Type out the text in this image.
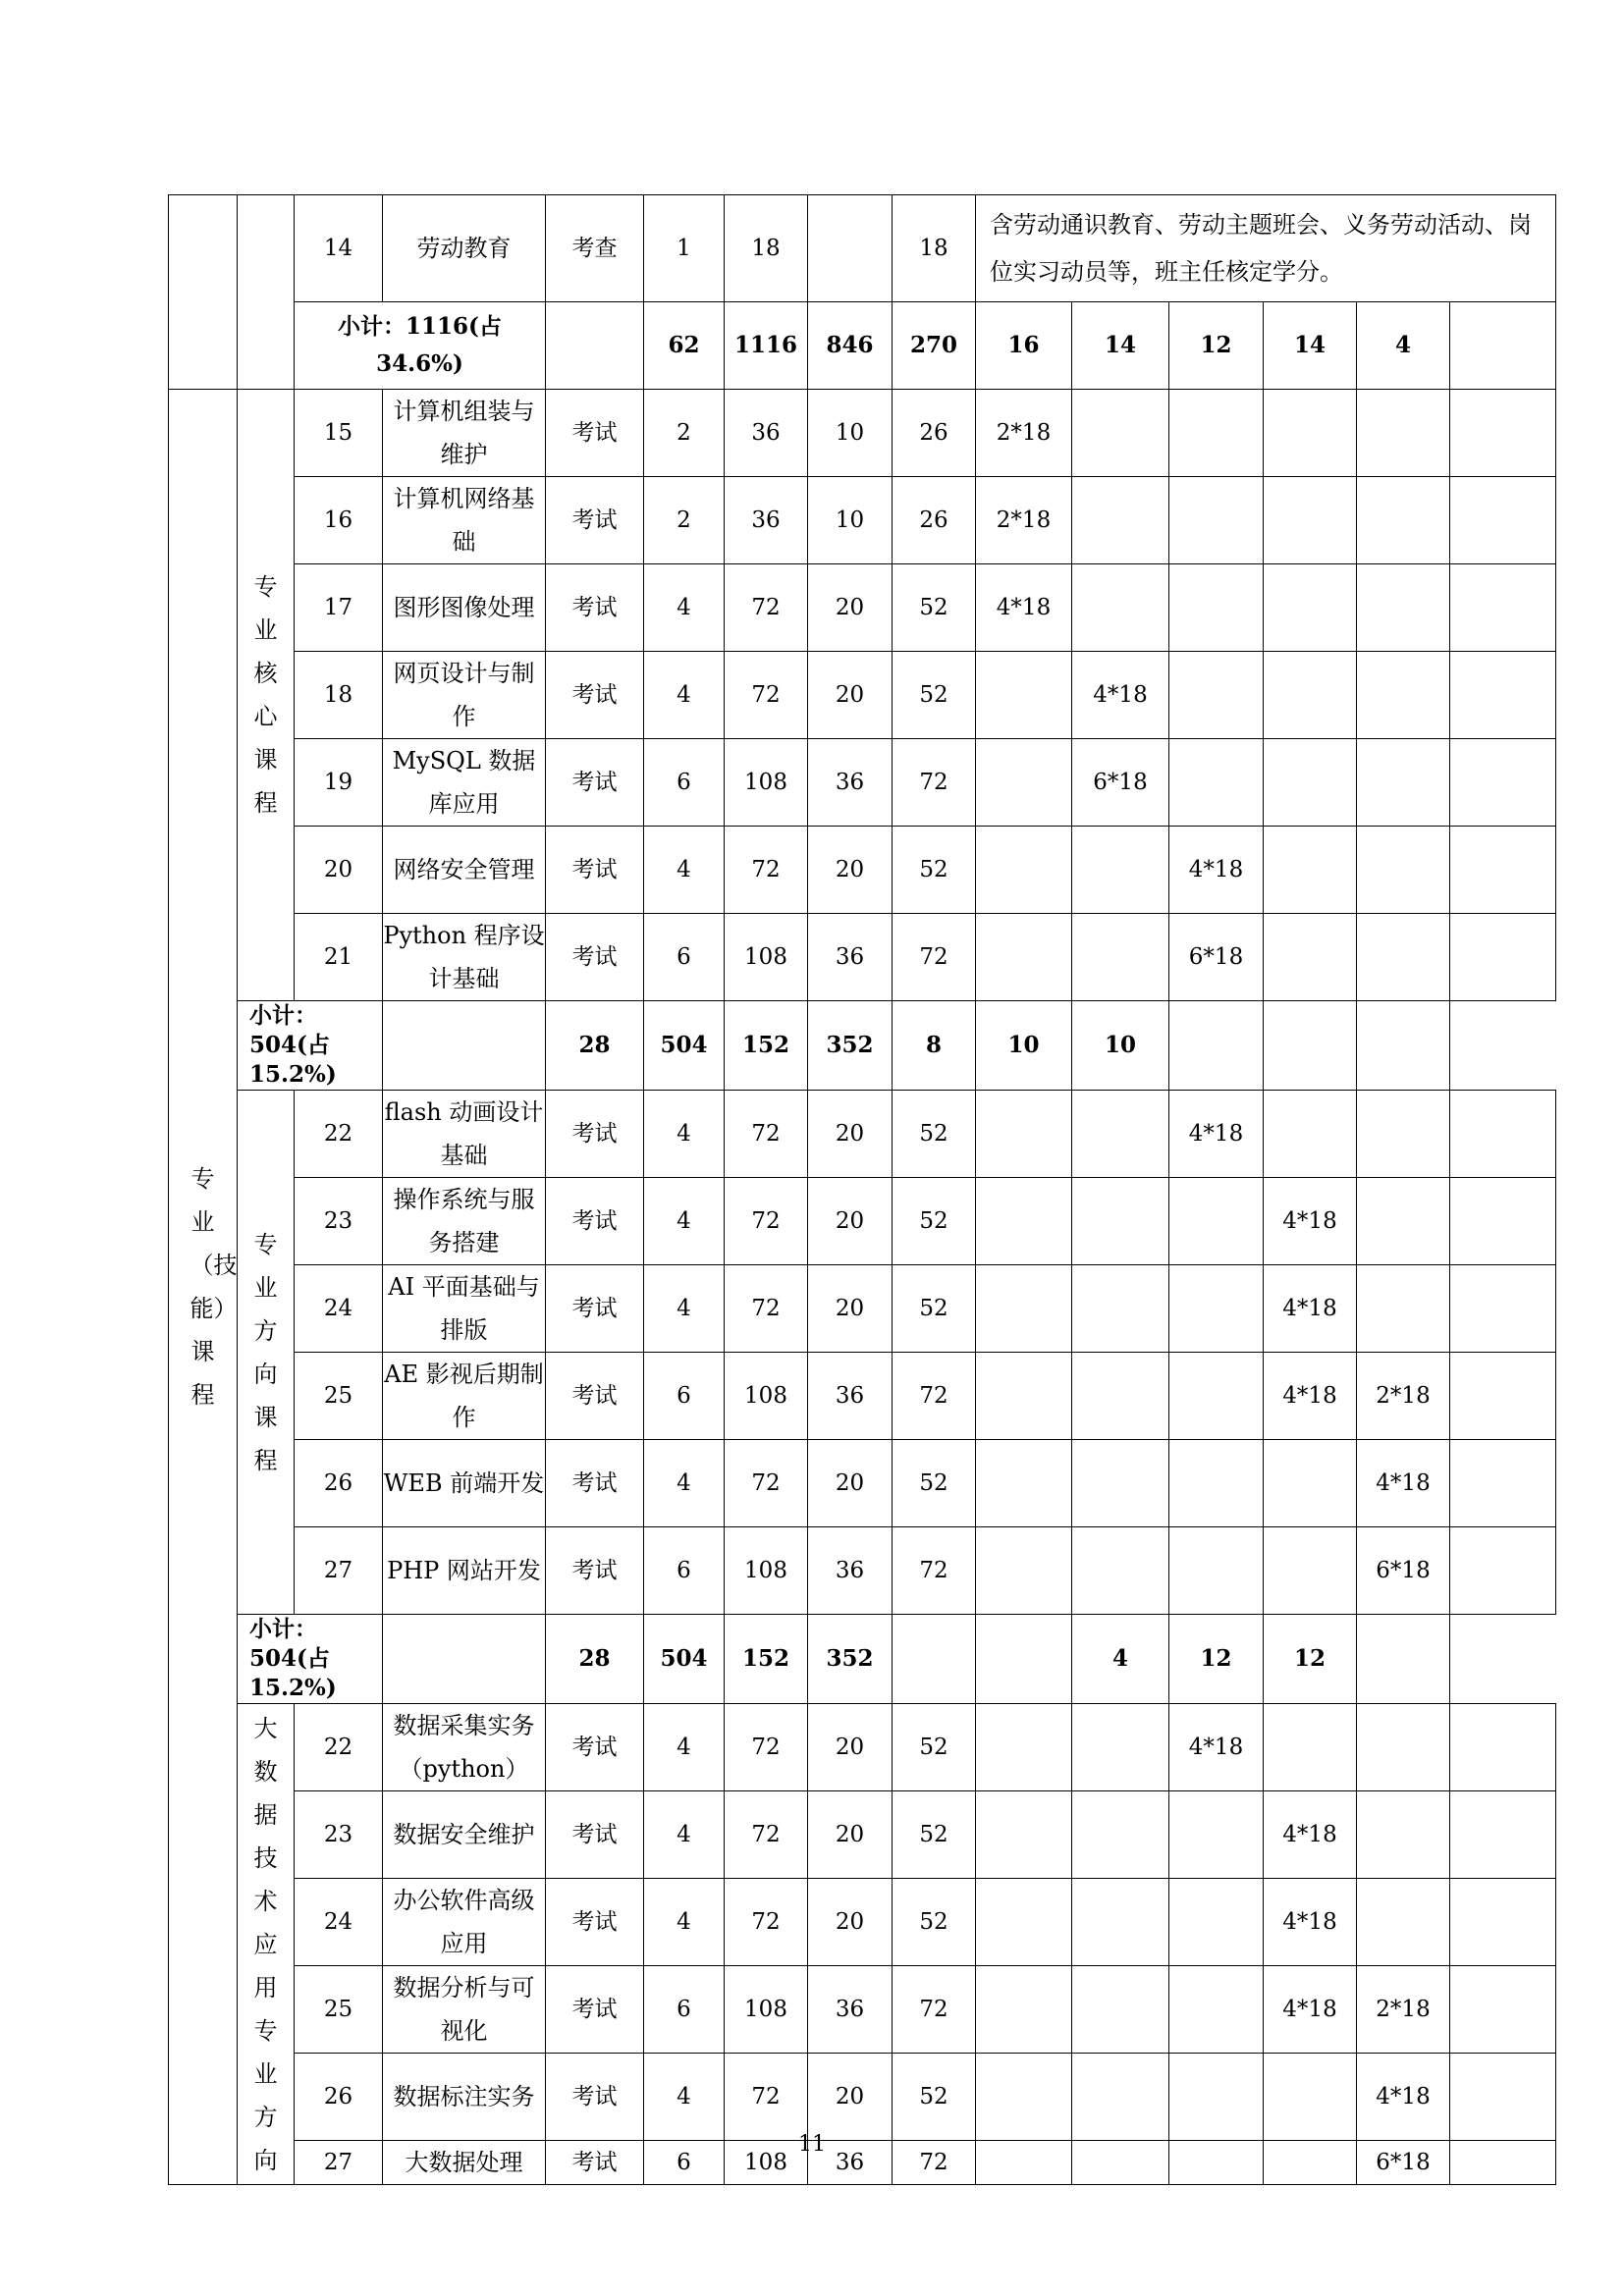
		14	劳动教育	考查	1	18		18	含劳动通识教育、劳动主题班会、义务劳动活动、岗位实习动员等，班主任核定学分。					
		小计：1116(占34.6%)			62	1116	846	270	16	14	12	14	4	
专业（技能）课程	专业核心课程	15	计算机组装与维护	考试	2	36	10	26	2*18					
		16	计算机网络基础	考试	2	36	10	26	2*18					
		17	图形图像处理	考试	4	72	20	52	4*18					
		18	网页设计与制作	考试	4	72	20	52		4*18				
		19	MySQL 数据库应用	考试	6	108	36	72		6*18				
		20	网络安全管理	考试	4	72	20	52			4*18			
		21	Python 程序设计基础	考试	6	108	36	72			6*18			
	小计：504(占 15.2%)			28	504	152	352	8	10	10				
	专业方向课程	22	flash 动画设计基础	考试	4	72	20	52			4*18			
		23	操作系统与服务搭建	考试	4	72	20	52				4*18		
		24	AI 平面基础与排版	考试	4	72	20	52				4*18		
		25	AE 影视后期制作	考试	6	108	36	72				4*18	2*18	
		26	WEB 前端开发	考试	4	72	20	52					4*18	
		27	PHP 网站开发	考试	6	108	36	72					6*18	
	小计：504(占 15.2%)			28	504	152	352			4	12	12		
	大数据技术应用专业方向	22	数据采集实务（python）	考试	4	72	20	52			4*18			
		23	数据安全维护	考试	4	72	20	52				4*18		
		24	办公软件高级应用	考试	4	72	20	52				4*18		
		25	数据分析与可视化	考试	6	108	36	72				4*18	2*18	
		26	数据标注实务	考试	4	72	20	52					4*18	
		27	大数据处理	考试	6	108	36	72					6*18	
11
